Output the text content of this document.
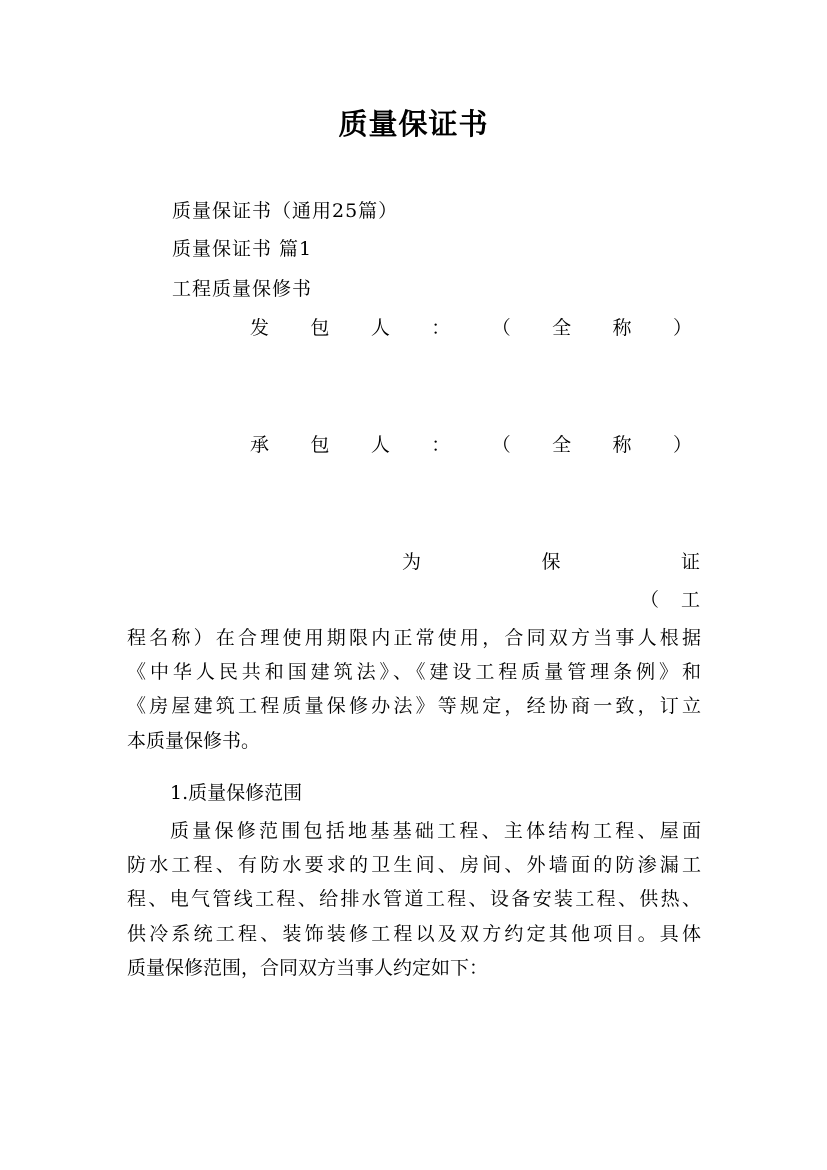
质量保证书
质量保证书（通用25篇）
质量保证书 篇1
工程质量保修书
发 包 人 ： （ 全 称 ）
承 包 人 ： （ 全 称 ）
为	保	证
（ 工
程名称）在合理使用期限内正常使用，合同双方当事人根据
《中华人民共和国建筑法》、《建设工程质量管理条例》和
《房屋建筑工程质量保修办法》等规定，经协商一致，订立
本质量保修书。
1.质量保修范围
质量保修范围包括地基基础工程、主体结构工程、屋面
防水工程、有防水要求的卫生间、房间、外墙面的防渗漏工
程、电气管线工程、给排水管道工程、设备安装工程、供热、
供冷系统工程、装饰装修工程以及双方约定其他项目。具体
质量保修范围，合同双方当事人约定如下：
